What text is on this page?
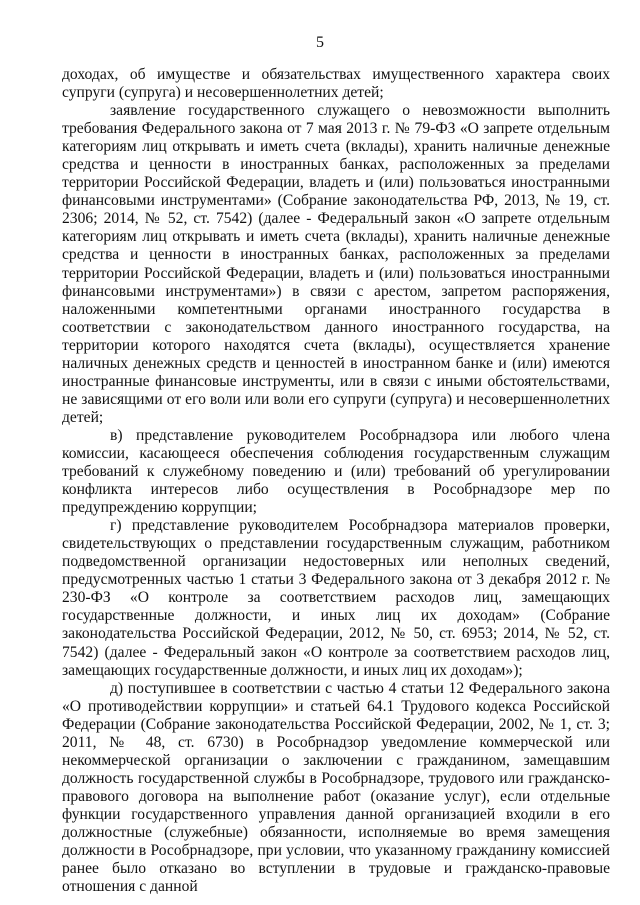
5

доходах, об имуществе и обязательствах имущественного характера своих супруги (супруга) и несовершеннолетних детей;

заявление государственного служащего о невозможности выполнить требования Федерального закона от 7 мая 2013 г. № 79-ФЗ «О запрете отдельным категориям лиц открывать и иметь счета (вклады), хранить наличные денежные средства и ценности в иностранных банках, расположенных за пределами территории Российской Федерации, владеть и (или) пользоваться иностранными финансовыми инструментами» (Собрание законодательства РФ, 2013, № 19, ст. 2306; 2014, № 52, ст. 7542) (далее - Федеральный закон «О запрете отдельным категориям лиц открывать и иметь счета (вклады), хранить наличные денежные средства и ценности в иностранных банках, расположенных за пределами территории Российской Федерации, владеть и (или) пользоваться иностранными финансовыми инструментами») в связи с арестом, запретом распоряжения, наложенными компетентными органами иностранного государства в соответствии с законодательством данного иностранного государства, на территории которого находятся счета (вклады), осуществляется хранение наличных денежных средств и ценностей в иностранном банке и (или) имеются иностранные финансовые инструменты, или в связи с иными обстоятельствами, не зависящими от его воли или воли его супруги (супруга) и несовершеннолетних детей;

в) представление руководителем Рособрнадзора или любого члена комиссии, касающееся обеспечения соблюдения государственным служащим требований к служебному поведению и (или) требований об урегулировании конфликта интересов либо осуществления в Рособрнадзоре мер по предупреждению коррупции;

г) представление руководителем Рособрнадзора материалов проверки, свидетельствующих о представлении государственным служащим, работником подведомственной организации недостоверных или неполных сведений, предусмотренных частью 1 статьи 3 Федерального закона от 3 декабря 2012 г. № 230-ФЗ «О контроле за соответствием расходов лиц, замещающих государственные должности, и иных лиц их доходам» (Собрание законодательства Российской Федерации, 2012, № 50, ст. 6953; 2014, № 52, ст. 7542) (далее - Федеральный закон «О контроле за соответствием расходов лиц, замещающих государственные должности, и иных лиц их доходам»);

д) поступившее в соответствии с частью 4 статьи 12 Федерального закона «О противодействии коррупции» и статьей 64.1 Трудового кодекса Российской Федерации (Собрание законодательства Российской Федерации, 2002, № 1, ст. 3; 2011, № 48, ст. 6730) в Рособрнадзор уведомление коммерческой или некоммерческой организации о заключении с гражданином, замещавшим должность государственной службы в Рособрнадзоре, трудового или гражданско-правового договора на выполнение работ (оказание услуг), если отдельные функции государственного управления данной организацией входили в его должностные (служебные) обязанности, исполняемые во время замещения должности в Рособрнадзоре, при условии, что указанному гражданину комиссией ранее было отказано во вступлении в трудовые и гражданско-правовые отношения с данной
